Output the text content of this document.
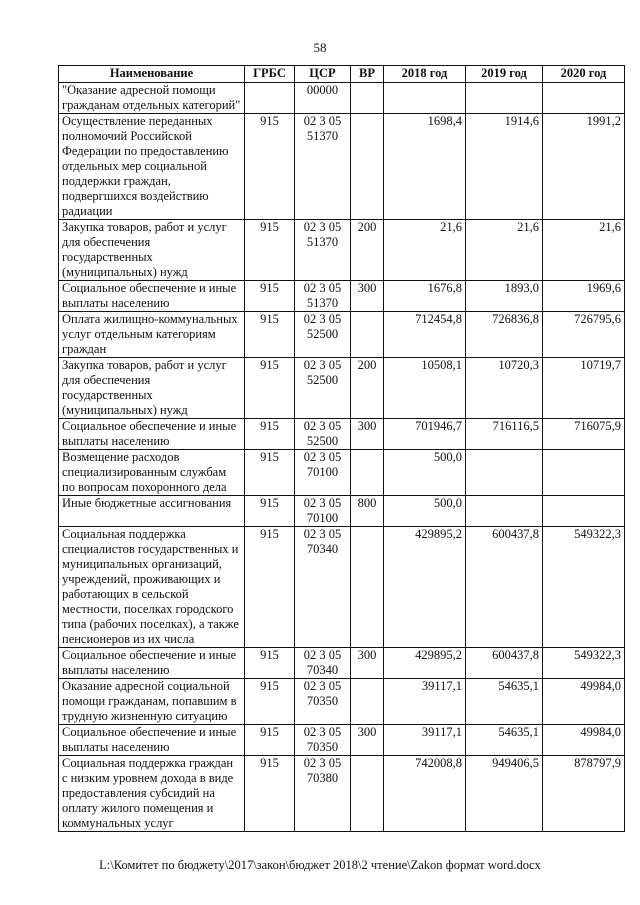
58
Наименование	ГРБС	ЦСР	ВР	2018 год	2019 год	2020 год
"Оказание адресной помощи гражданам отдельных категорий"		00000				
Осуществление переданных полномочий Российской Федерации по предоставлению отдельных мер социальной поддержки граждан, подвергшихся воздействию радиации	915	02 3 05 51370		1698,4	1914,6	1991,2
Закупка товаров, работ и услуг для обеспечения государственных (муниципальных) нужд	915	02 3 05 51370	200	21,6	21,6	21,6
Социальное обеспечение и иные выплаты населению	915	02 3 05 51370	300	1676,8	1893,0	1969,6
Оплата жилищно-коммунальных услуг отдельным категориям граждан	915	02 3 05 52500		712454,8	726836,8	726795,6
Закупка товаров, работ и услуг для обеспечения государственных (муниципальных) нужд	915	02 3 05 52500	200	10508,1	10720,3	10719,7
Социальное обеспечение и иные выплаты населению	915	02 3 05 52500	300	701946,7	716116,5	716075,9
Возмещение расходов специализированным службам по вопросам похоронного дела	915	02 3 05 70100		500,0		
Иные бюджетные ассигнования	915	02 3 05 70100	800	500,0		
Социальная поддержка специалистов государственных и муниципальных организаций, учреждений, проживающих и работающих в сельской местности, поселках городского типа (рабочих поселках), а также пенсионеров из их числа	915	02 3 05 70340		429895,2	600437,8	549322,3
Социальное обеспечение и иные выплаты населению	915	02 3 05 70340	300	429895,2	600437,8	549322,3
Оказание адресной социальной помощи гражданам, попавшим в трудную жизненную ситуацию	915	02 3 05 70350		39117,1	54635,1	49984,0
Социальное обеспечение и иные выплаты населению	915	02 3 05 70350	300	39117,1	54635,1	49984,0
Социальная поддержка граждан с низким уровнем дохода в виде предоставления субсидий на оплату жилого помещения и коммунальных услуг	915	02 3 05 70380		742008,8	949406,5	878797,9
L:\Комитет по бюджету\2017\закон\бюджет 2018\2 чтение\Zakon формат word.docx
